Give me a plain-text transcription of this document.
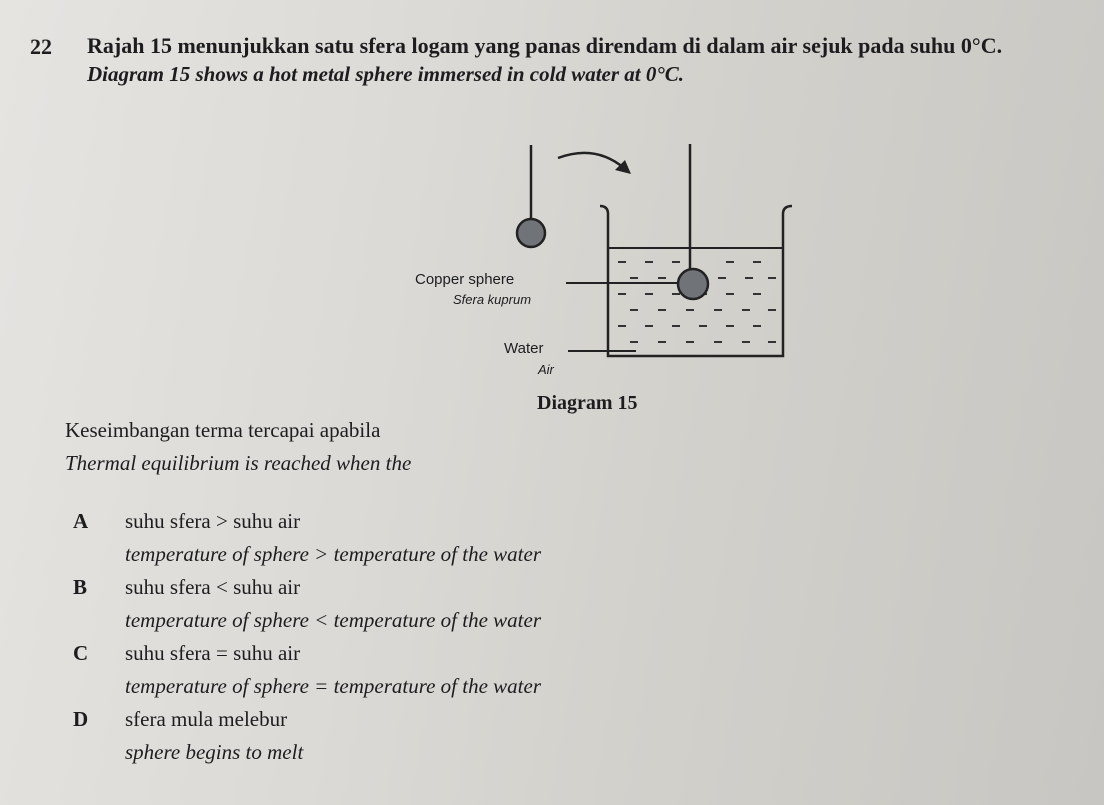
22 Rajah 15 menunjukkan satu sfera logam yang panas direndam di dalam air sejuk pada suhu 0°C.
Diagram 15 shows a hot metal sphere immersed in cold water at 0°C.
Copper sphere
Sfera kuprum
Water
Air
Diagram 15
Keseimbangan terma tercapai apabila
Thermal equilibrium is reached when the
A suhu sfera > suhu air
temperature of sphere > temperature of the water
B suhu sfera < suhu air
temperature of sphere < temperature of the water
C suhu sfera = suhu air
temperature of sphere = temperature of the water
D sfera mula melebur
sphere begins to melt
